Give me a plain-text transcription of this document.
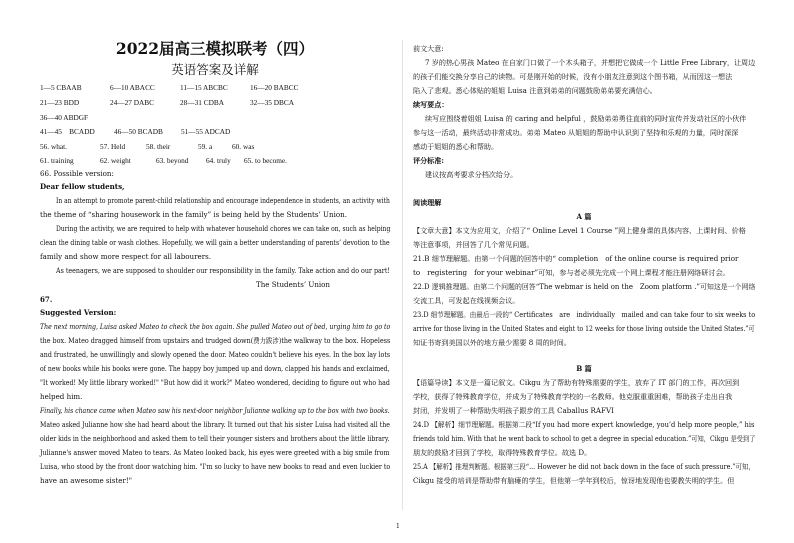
2022届高三模拟联考（四）
英语答案及详解
1—5 CBAAB	6—10 ABACC	11—15 ABCBC	16—20 BABCC
21—23 BDD	24—27 DABC	28—31 CDBA	32—35 DBCA
36—40 ABDGF
41—45　BCADD	46—50 BCADB 51—55 ADCAD
56. what.	57. Held	58. their	59. a	60. was
61. training	62. weight	63. beyond 64. truly 65. to become.
66. Possible version:
Dear fellow students,
In an attempt to promote parent-child relationship and encourage independence in students, an activity with
the theme of “sharing housework in the family” is being held by the Students’ Union.
During the activity, we are required to help with whatever household chores we can take on, such as helping
clean the dining table or wash clothes. Hopefully, we will gain a better understanding of parents’ devotion to the
family and show more respect for all labourers.
As teenagers, we are supposed to shoulder our responsibility in the family. Take action and do our part!
The Students’ Union
67.
Suggested Version:
The next morning, Luisa asked Mateo to check the box again. She pulled Mateo out of bed, urging him to go to
the box. Mateo dragged himself from upstairs and trudged down(费力跋涉)the walkway to the box. Hopeless
and frustrated, he unwillingly and slowly opened the door. Mateo couldn't believe his eyes. In the box lay lots
of new books while his books were gone. The happy boy jumped up and down, clapped his hands and exclaimed,
"It worked! My little library worked!" "But how did it work?" Mateo wondered, deciding to figure out who had
helped him.
Finally, his chance came when Mateo saw his next-door neighbor Julianne walking up to the box with two books.
Mateo asked Julianne how she had heard about the library. It turned out that his sister Luisa had visited all the
older kids in the neighborhood and asked them to tell their younger sisters and brothers about the little library.
Julianne's answer moved Mateo to tears. As Mateo looked back, his eyes were greeted with a big smile from
Luisa, who stood by the front door watching him. "I'm so lucky to have new books to read and even luckier to
have an awesome sister!"
前文大意:
7 岁的热心男孩 Mateo 在自家门口做了一个木头箱子，并想把它做成一个 Little Free Library，让周边
的孩子们能交换分享自己的读物。可是刚开始的时候，没有小朋友注意到这个图书箱，从而因这一想法
陷入了悲观。悉心体贴的姐姐 Luisa 注意到弟弟的问题鼓励弟弟要充满信心。
续写要点：
续写应围绕着姐姐 Luisa 的 caring and helpful ，鼓励弟弟勇往直前的同时宣传并发动社区的小伙伴
参与这一活动，最终活动非常成功。弟弟 Mateo 从姐姐的帮助中认识到了坚持和乐观的力量，同时深深
感动于姐姐的悉心和帮助。
评分标准:
建议按高考要求分档次给分。
阅读理解
A 篇
【文章大意】本文为应用文，介绍了“ Online Level 1 Course ”网上健身课的具体内容、上课时间、价格
等注意事项，并回答了几个常见问题。
21.B 细节理解题。由第一个问题的回答中的“ completion　of the online course is required prior
to　registering　for your webinar”可知，参与者必须先完成一个网上课程才能注册网络研讨会。
22.D 逻辑推理题。由第二个问题的回答“The webmar is held on the　Zoom platform .”可知这是一个网络
交流工具，可发起在线视频会议。
23.D 细节理解题。由最后一段的“ Certificates　are　individually　mailed and can take four to six weeks to
arrive for those living in the United States and eight to 12 weeks for those living outside the United States.”可
知证书寄到美国以外的地方最少需要 8 周的时间。
B 篇
【语篇导读】本文是一篇记叙文。Cikgu 为了帮助有特殊需要的学生，放弃了 IT 部门的工作，再次回到
学校，获得了特殊教育学位，并成为了特殊教育学校的一名教师。他克服重重困难，帮助孩子走出自我
封闭，并发明了一种帮助失明孩子跟步的工具 Caballus RAFVI
24.D 【解析】细节理解题。根据第二段“If you had more expert knowledge, you’d help more people,” his
friends told him. With that he went back to school to get a degree in special education.”可知，Cikgu 是受到了
朋友的鼓励才回到了学校，取得特殊教育学位。故选 D。
25.A 【解析】推理判断题。根据第三段“... However he did not back down in the face of such pressure.”可知，
Cikgu 接受的培训是帮助带有脑瘫的学生，但他第一学年到校后，惊讶地发现他也要教失明的学生。但
1
